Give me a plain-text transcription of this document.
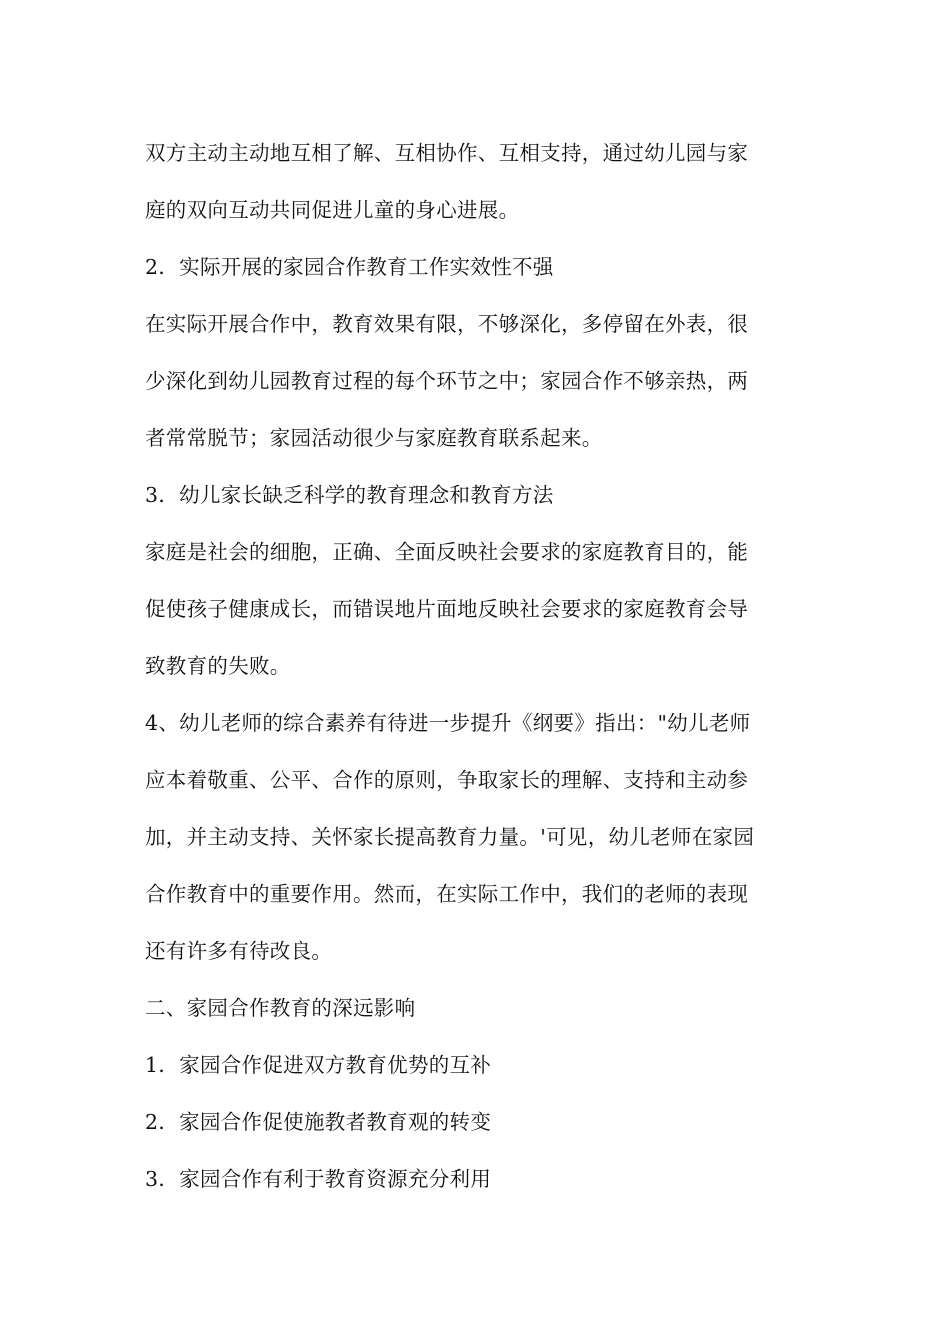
双方主动主动地互相了解、互相协作、互相支持，通过幼儿园与家
庭的双向互动共同促进儿童的身心进展。
2．实际开展的家园合作教育工作实效性不强
在实际开展合作中，教育效果有限，不够深化，多停留在外表，很
少深化到幼儿园教育过程的每个环节之中；家园合作不够亲热，两
者常常脱节；家园活动很少与家庭教育联系起来。
3．幼儿家长缺乏科学的教育理念和教育方法
家庭是社会的细胞，正确、全面反映社会要求的家庭教育目的，能
促使孩子健康成长，而错误地片面地反映社会要求的家庭教育会导
致教育的失败。
4、幼儿老师的综合素养有待进一步提升《纲要》指出："幼儿老师
应本着敬重、公平、合作的原则，争取家长的理解、支持和主动参
加，并主动支持、关怀家长提高教育力量。'可见，幼儿老师在家园
合作教育中的重要作用。然而，在实际工作中，我们的老师的表现
还有许多有待改良。
二、家园合作教育的深远影响
1．家园合作促进双方教育优势的互补
2．家园合作促使施教者教育观的转变
3．家园合作有利于教育资源充分利用
